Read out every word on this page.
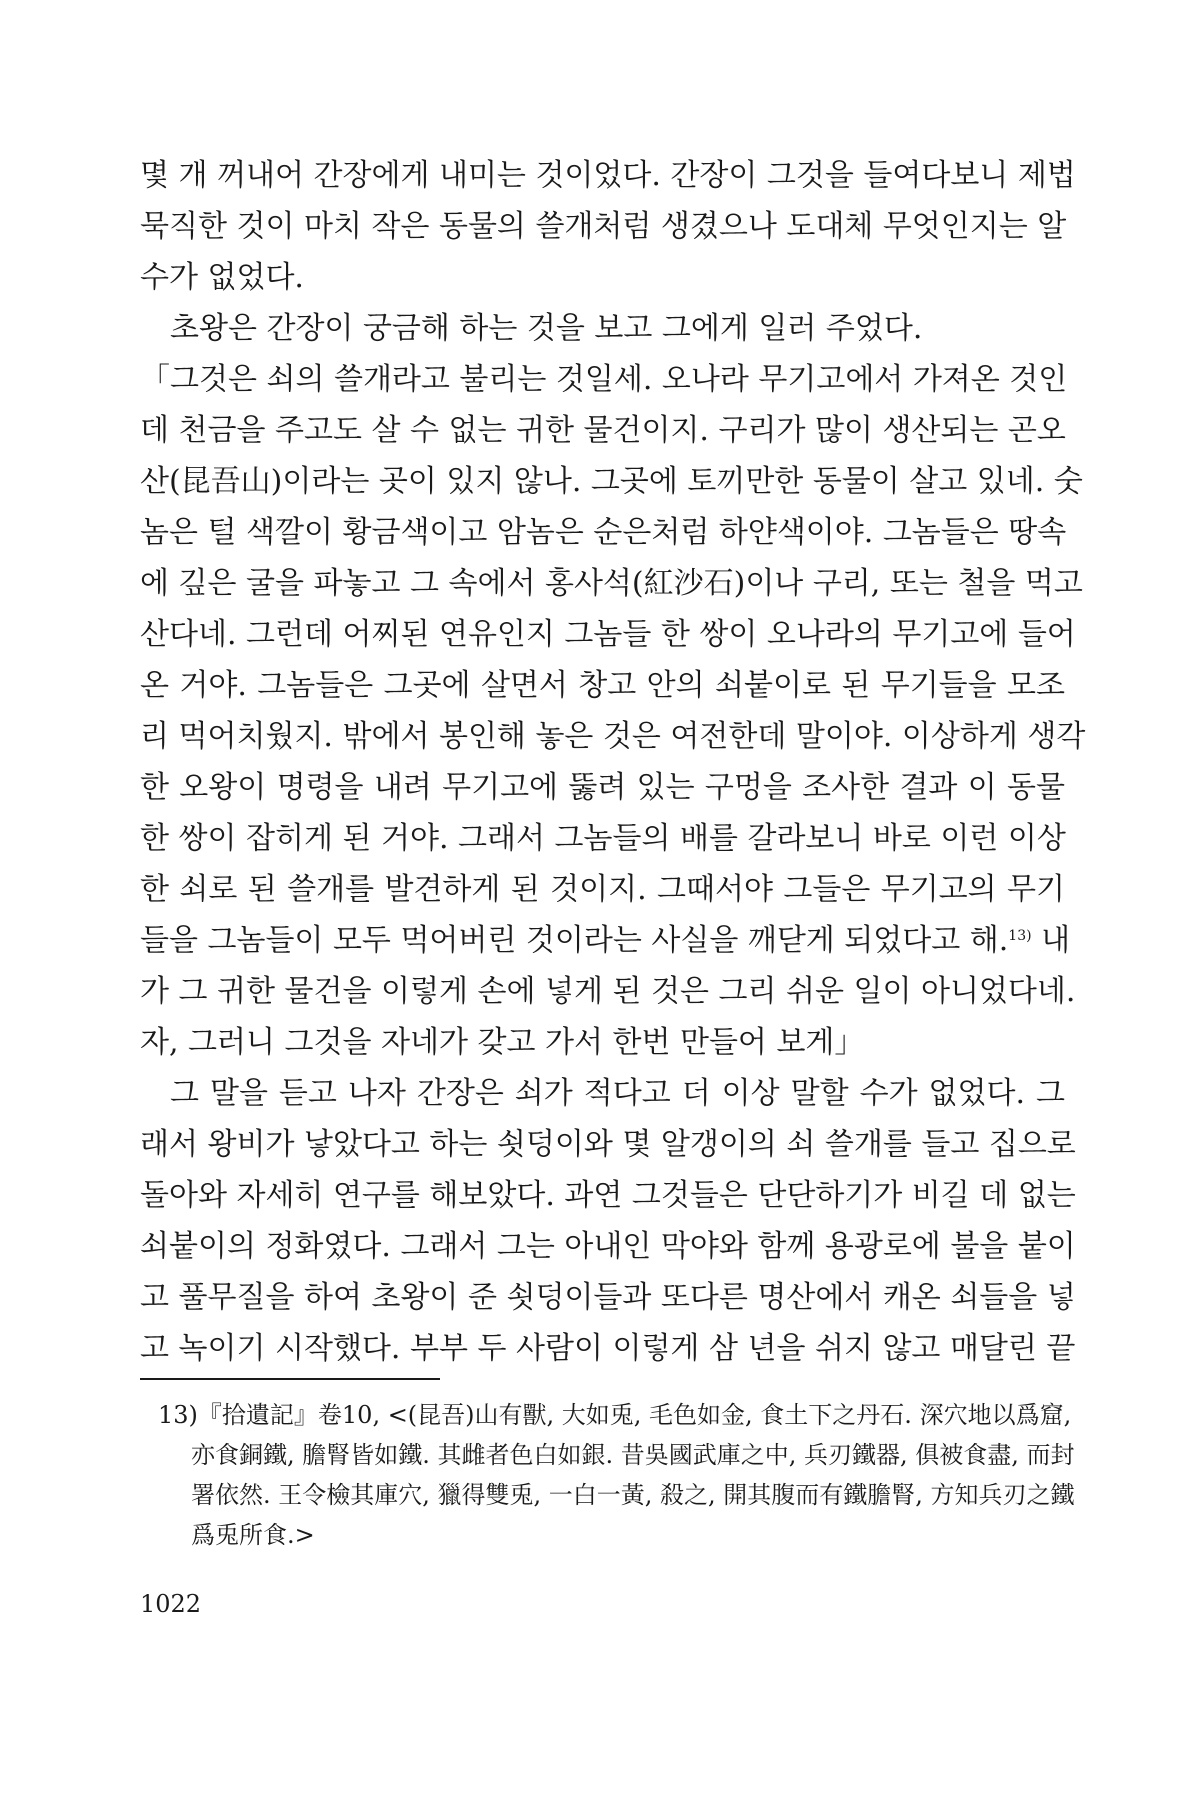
몇 개 꺼내어 간장에게 내미는 것이었다. 간장이 그것을 들여다보니 제법
묵직한 것이 마치 작은 동물의 쓸개처럼 생겼으나 도대체 무엇인지는 알
수가 없었다.
초왕은 간장이 궁금해 하는 것을 보고 그에게 일러 주었다.
「그것은 쇠의 쓸개라고 불리는 것일세. 오나라 무기고에서 가져온 것인
데 천금을 주고도 살 수 없는 귀한 물건이지. 구리가 많이 생산되는 곤오
산(昆吾山)이라는 곳이 있지 않나. 그곳에 토끼만한 동물이 살고 있네. 숫
놈은 털 색깔이 황금색이고 암놈은 순은처럼 하얀색이야. 그놈들은 땅속
에 깊은 굴을 파놓고 그 속에서 홍사석(紅沙石)이나 구리, 또는 철을 먹고
산다네. 그런데 어찌된 연유인지 그놈들 한 쌍이 오나라의 무기고에 들어
온 거야. 그놈들은 그곳에 살면서 창고 안의 쇠붙이로 된 무기들을 모조
리 먹어치웠지. 밖에서 봉인해 놓은 것은 여전한데 말이야. 이상하게 생각
한 오왕이 명령을 내려 무기고에 뚫려 있는 구멍을 조사한 결과 이 동물
한 쌍이 잡히게 된 거야. 그래서 그놈들의 배를 갈라보니 바로 이런 이상
한 쇠로 된 쓸개를 발견하게 된 것이지. 그때서야 그들은 무기고의 무기
들을 그놈들이 모두 먹어버린 것이라는 사실을 깨닫게 되었다고 해.$^{13)}$ 내
가 그 귀한 물건을 이렇게 손에 넣게 된 것은 그리 쉬운 일이 아니었다네.
자, 그러니 그것을 자네가 갖고 가서 한번 만들어 보게」
그 말을 듣고 나자 간장은 쇠가 적다고 더 이상 말할 수가 없었다. 그
래서 왕비가 낳았다고 하는 쇳덩이와 몇 알갱이의 쇠 쓸개를 들고 집으로
돌아와 자세히 연구를 해보았다. 과연 그것들은 단단하기가 비길 데 없는
쇠붙이의 정화였다. 그래서 그는 아내인 막야와 함께 용광로에 불을 붙이
고 풀무질을 하여 초왕이 준 쇳덩이들과 또다른 명산에서 캐온 쇠들을 넣
고 녹이기 시작했다. 부부 두 사람이 이렇게 삼 년을 쉬지 않고 매달린 끝
13)『拾遺記』卷10, <(昆吾)山有獸, 大如兎, 毛色如金, 食土下之丹石. 深穴地以爲窟,
亦食銅鐵, 膽腎皆如鐵. 其雌者色白如銀. 昔吳國武庫之中, 兵刃鐵器, 俱被食盡, 而封
署依然. 王令檢其庫穴, 獵得雙兎, 一白一黃, 殺之, 開其腹而有鐵膽腎, 方知兵刃之鐵
爲兎所食.>
1022
